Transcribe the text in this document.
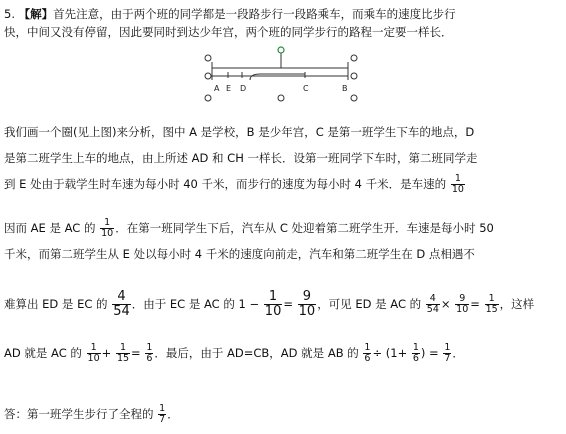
5. 【解】首先注意，由于两个班的同学都是一段路步行一段路乘车，而乘车的速度比步行
快，中间又没有停留，因此要同时到达少年宫，两个班的同学步行的路程一定要一样长．
A E D	C	B
我们画一个圈(见上图)来分析，图中 A 是学校，B 是少年宫，C 是第一班学生下车的地点，D
是第二班学生上车的地点，由上所述 AD 和 CH 一样长．设第一班同学下车时，第二班同学走
到 E 处由于载学生时车速为每小时 40 千米，而步行的速度为每小时 4 千米．是车速的 $\frac{1}{10}$
因而 AE 是 AC 的 $\frac{1}{10}$ ．在第一班同学生下后，汽车从 C 处迎着第二班学生开．车速是每小时 50
千米，而第二班学生从 E 处以每小时 4 千米的速度向前走，汽车和第二班学生在 D 点相遇不
难算出 ED 是 EC 的 $\frac{4}{54}$ ．由于 EC 是 AC 的 $1 - \frac{1}{10} = \frac{9}{10}$ ，可见 ED 是 AC 的 $\frac{4}{54} \times \frac{9}{10} = \frac{1}{15}$ ，这样
AD 就是 AC 的 $\frac{1}{10} + \frac{1}{15} = \frac{1}{6}$ ．最后，由于 AD=CB，AD 就是 AB 的 $\frac{1}{6} \div (1+ \frac{1}{6}$ ) = $\frac{1}{7}$ ．
答：第一班学生步行了全程的 $\frac{1}{7}$ ．
